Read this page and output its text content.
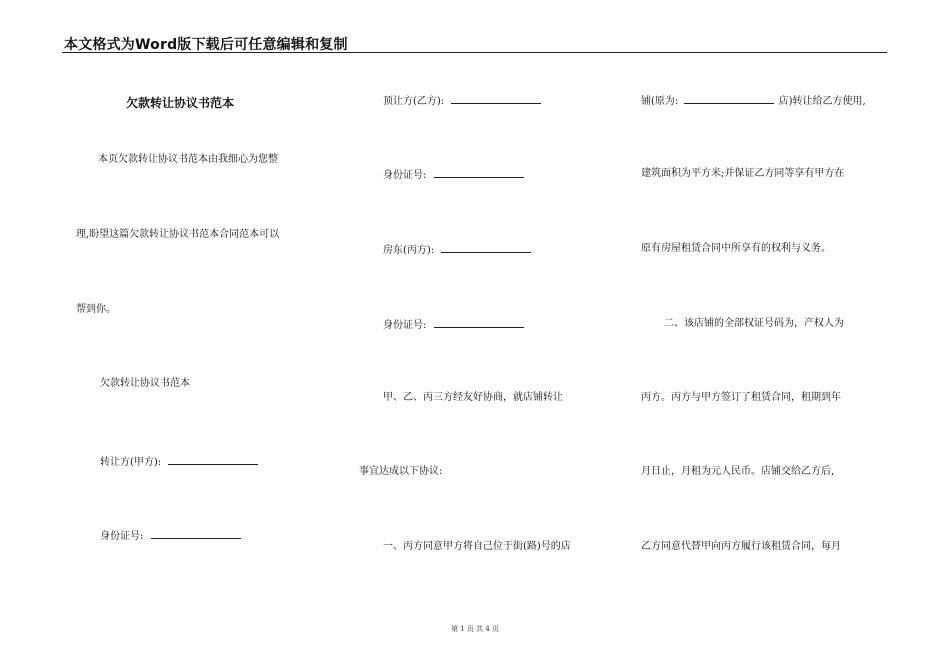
本文格式为Word版下载后可任意编辑和复制
欠款转让协议书范本
本页欠款转让协议书范本由我细心为您整
理,盼望这篇欠款转让协议书范本合同范本可以
帮到你。
欠款转让协议书范本
转让方(甲方):
身份证号:
顶让方(乙方):
身份证号:
房东(丙方):
身份证号:
甲、乙、丙三方经友好协商，就店铺转让
事宜达成以下协议:
一、丙方同意甲方将自己位于街(路)号的店
铺(原为:	店)转让给乙方使用,
建筑面积为平方米;并保证乙方同等享有甲方在
原有房屋租赁合同中所享有的权利与义务。
二、该店铺的全部权证号码为，产权人为
丙方。丙方与甲方签订了租赁合同，租期到年
月日止，月租为元人民币。店铺交给乙方后,
乙方同意代替甲向丙方履行该租赁合同，每月
第 1 页 共 4 页
